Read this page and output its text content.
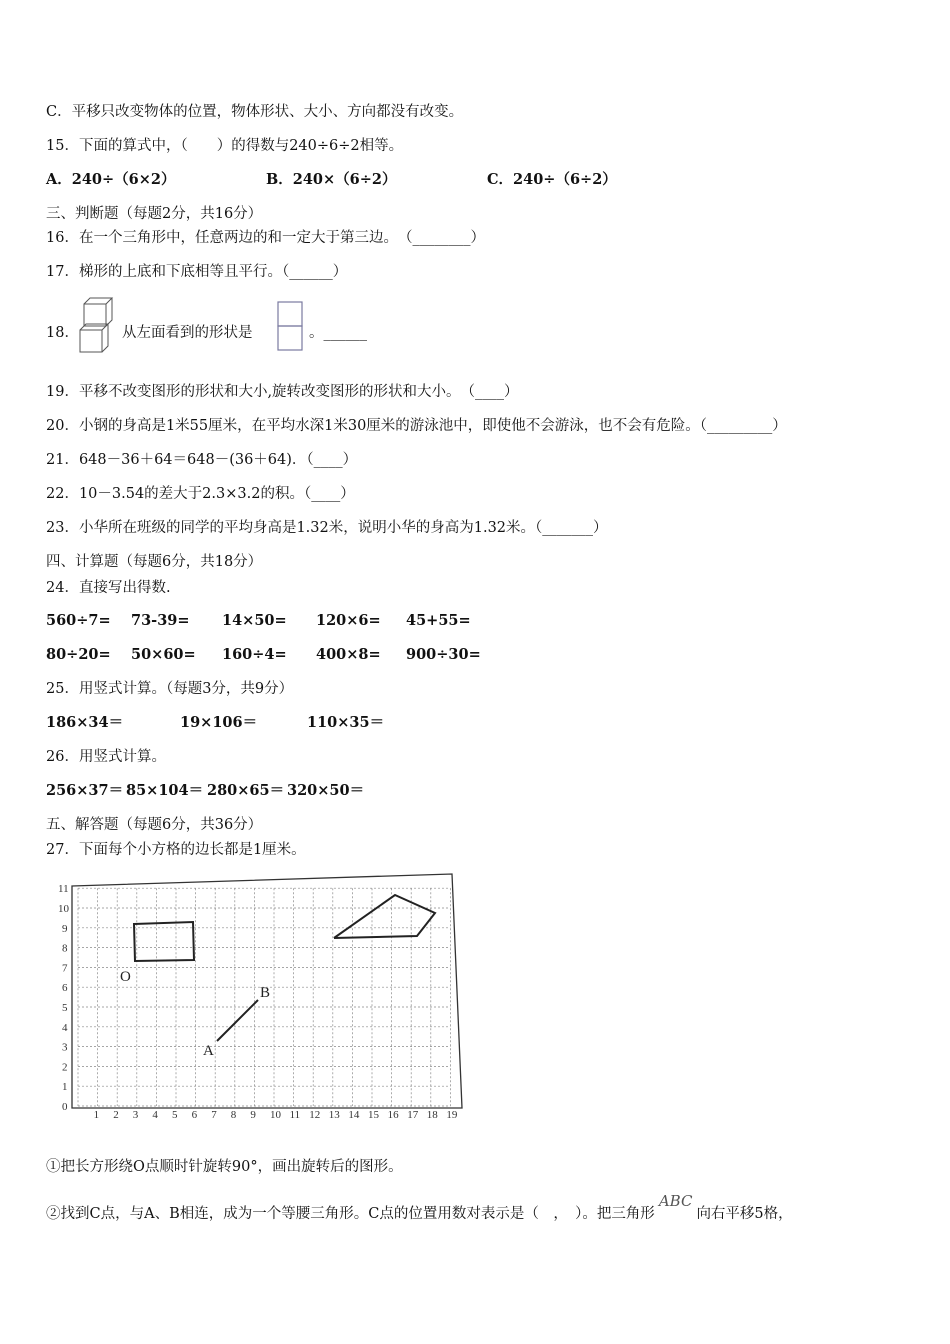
C．平移只改变物体的位置，物体形状、大小、方向都没有改变。
15．下面的算式中，（　　）的得数与240÷6÷2相等。
A．240÷（6×2）	B．240×（6÷2）	C．240÷（6÷2）
三、判断题（每题2分，共16分）
16．在一个三角形中，任意两边的和一定大于第三边。　（________）
17．梯形的上底和下底相等且平行。（______）
18．	从左面看到的形状是	。______
19．平移不改变图形的形状和大小,旋转改变图形的形状和大小。　（____）
20．小钢的身高是1米55厘米，在平均水深1米30厘米的游泳池中，即使他不会游泳，也不会有危险。（_________）
21．648－36＋64＝648－(36＋64)．（____）
22．10－3.54的差大于2.3×3.2的积。（____）
23．小华所在班级的同学的平均身高是1.32米，说明小华的身高为1.32米。（_______）
四、计算题（每题6分，共18分）
24．直接写出得数.
560÷7= 73-39= 14×50= 120×6= 45+55=
80÷20= 50×60= 160÷4= 400×8= 900÷30=
25．用竖式计算。（每题3分，共9分）
186×34＝	19×106＝	110×35＝
26．用竖式计算。
256×37＝ 85×104＝ 280×65＝ 320×50＝
五、解答题（每题6分，共36分）
27．下面每个小方格的边长都是1厘米。
1 2 3 4 5 6 7 8 9 10 11 12 13 14 15 16 17 18 19
0
1
2
3
4
5
6
7
8
9
10
11
O
A
B
①把长方形绕O点顺时针旋转90°，画出旋转后的图形。
②找到C点，与A、B相连，成为一个等腰三角形。C点的位置用数对表示是（　，　）。把三角形ABC向右平移5格，
